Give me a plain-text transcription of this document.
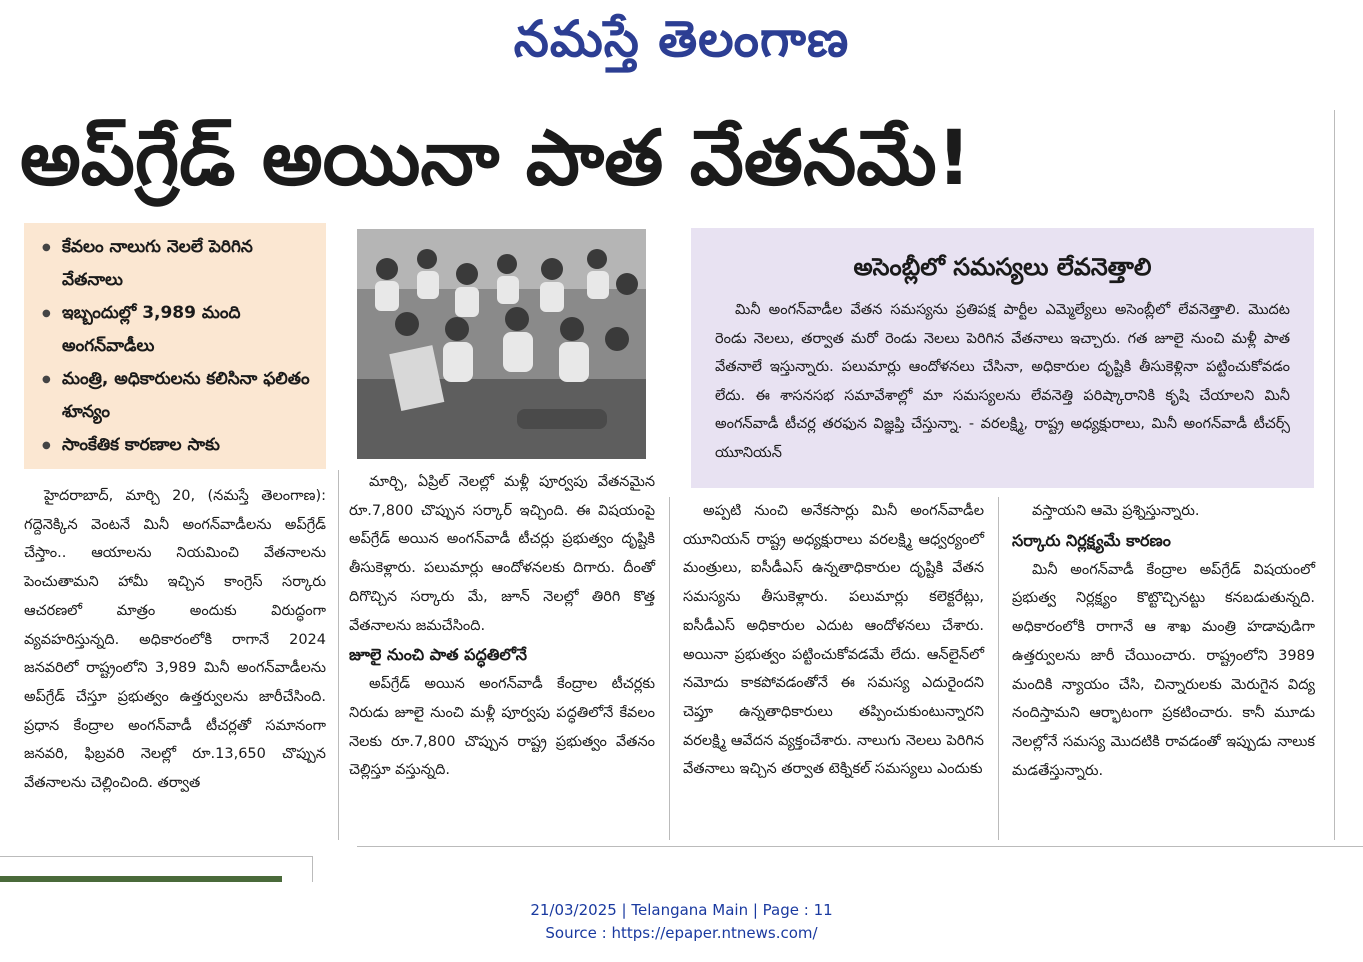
నమస్తే తెలంగాణ
అప్‌గ్రేడ్ అయినా పాత వేతనమే!
● కేవలం నాలుగు నెలలే పెరిగిన వేతనాలు
● ఇబ్బందుల్లో 3,989 మంది అంగన్‌వాడీలు
● మంత్రి, అధికారులను కలిసినా ఫలితం శూన్యం
● సాంకేతిక కారణాల సాకు
అసెంబ్లీలో సమస్యలు లేవనెత్తాలి
మినీ అంగన్‌వాడీల వేతన సమస్యను ప్రతిపక్ష పార్టీల ఎమ్మెల్యేలు అసెంబ్లీలో లేవనెత్తాలి. మొదట రెండు నెలలు, తర్వాత మరో రెండు నెలలు పెరిగిన వేతనాలు ఇచ్చారు. గత జూలై నుంచి మళ్లీ పాత వేతనాలే ఇస్తున్నారు. పలుమార్లు ఆందోళనలు చేసినా, అధికారుల దృష్టికి తీసుకెళ్లినా పట్టించుకోవడం లేదు. ఈ శాసనసభ సమావేశాల్లో మా సమస్యలను లేవనెత్తి పరిష్కారానికి కృషి చేయాలని మినీ అంగన్‌వాడీ టీచర్ల తరఫున విజ్ఞప్తి చేస్తున్నా. - వరలక్ష్మి, రాష్ట్ర అధ్యక్షురాలు, మినీ అంగన్‌వాడీ టీచర్స్ యూనియన్

హైదరాబాద్, మార్చి 20, (నమస్తే తెలంగాణ): గద్దెనెక్కిన వెంటనే మినీ అంగన్‌వాడీలను అప్‌గ్రేడ్ చేస్తాం.. ఆయాలను నియమించి వేతనాలను పెంచుతామని హామీ ఇచ్చిన కాంగ్రెస్ సర్కారు ఆచరణలో మాత్రం అందుకు విరుద్ధంగా వ్యవహరిస్తున్నది. అధికారంలోకి రాగానే 2024 జనవరిలో రాష్ట్రంలోని 3,989 మినీ అంగన్‌వాడీలను అప్‌గ్రేడ్ చేస్తూ ప్రభుత్వం ఉత్తర్వులను జారీచేసింది. ప్రధాన కేంద్రాల అంగన్‌వాడీ టీచర్లతో సమానంగా జనవరి, ఫిబ్రవరి నెలల్లో రూ.13,650 చొప్పున వేతనాలను చెల్లించింది. తర్వాత

మార్చి, ఏప్రిల్ నెలల్లో మళ్లీ పూర్వపు వేతనమైన రూ.7,800 చొప్పున సర్కార్ ఇచ్చింది. ఈ విషయంపై అప్‌గ్రేడ్ అయిన అంగన్‌వాడీ టీచర్లు ప్రభుత్వం దృష్టికి తీసుకెళ్లారు. పలుమార్లు ఆందోళనలకు దిగారు. దీంతో దిగొచ్చిన సర్కారు మే, జూన్ నెలల్లో తిరిగి కొత్త వేతనాలను జమచేసింది.

జూలై నుంచి పాత పద్ధతిలోనే

అప్‌గ్రేడ్ అయిన అంగన్‌వాడీ కేంద్రాల టీచర్లకు నిరుడు జూలై నుంచి మళ్లీ పూర్వపు పద్ధతిలోనే కేవలం నెలకు రూ.7,800 చొప్పున రాష్ట్ర ప్రభుత్వం వేతనం చెల్లిస్తూ వస్తున్నది.

అప్పటి నుంచి అనేకసార్లు మినీ అంగన్‌వాడీల యూనియన్ రాష్ట్ర అధ్యక్షురాలు వరలక్ష్మి ఆధ్వర్యంలో మంత్రులు, ఐసీడీఎస్ ఉన్నతాధికారుల దృష్టికి వేతన సమస్యను తీసుకెళ్లారు. పలుమార్లు కలెక్టరేట్లు, ఐసీడీఎస్ అధికారుల ఎదుట ఆందోళనలు చేశారు. అయినా ప్రభుత్వం పట్టించుకోవడమే లేదు. ఆన్‌లైన్‌లో నమోదు కాకపోవడంతోనే ఈ సమస్య ఎదురైందని చెప్తూ ఉన్నతాధికారులు తప్పించుకుంటున్నారని వరలక్ష్మి ఆవేదన వ్యక్తంచేశారు. నాలుగు నెలలు పెరిగిన వేతనాలు ఇచ్చిన తర్వాత టెక్నికల్ సమస్యలు ఎందుకు

వస్తాయని ఆమె ప్రశ్నిస్తున్నారు.

సర్కారు నిర్లక్ష్యమే కారణం

మినీ అంగన్‌వాడీ కేంద్రాల అప్‌గ్రేడ్ విషయంలో ప్రభుత్వ నిర్లక్ష్యం కొట్టొచ్చినట్టు కనబడుతున్నది. అధికారంలోకి రాగానే ఆ శాఖ మంత్రి హడావుడిగా ఉత్తర్వులను జారీ చేయించారు. రాష్ట్రంలోని 3989 మందికి న్యాయం చేసి, చిన్నారులకు మెరుగైన విద్య నందిస్తామని ఆర్భాటంగా ప్రకటించారు. కానీ మూడు నెలల్లోనే సమస్య మొదటికి రావడంతో ఇప్పుడు నాలుక మడతేస్తున్నారు.

21/03/2025 | Telangana Main | Page : 11
Source : https://epaper.ntnews.com/
